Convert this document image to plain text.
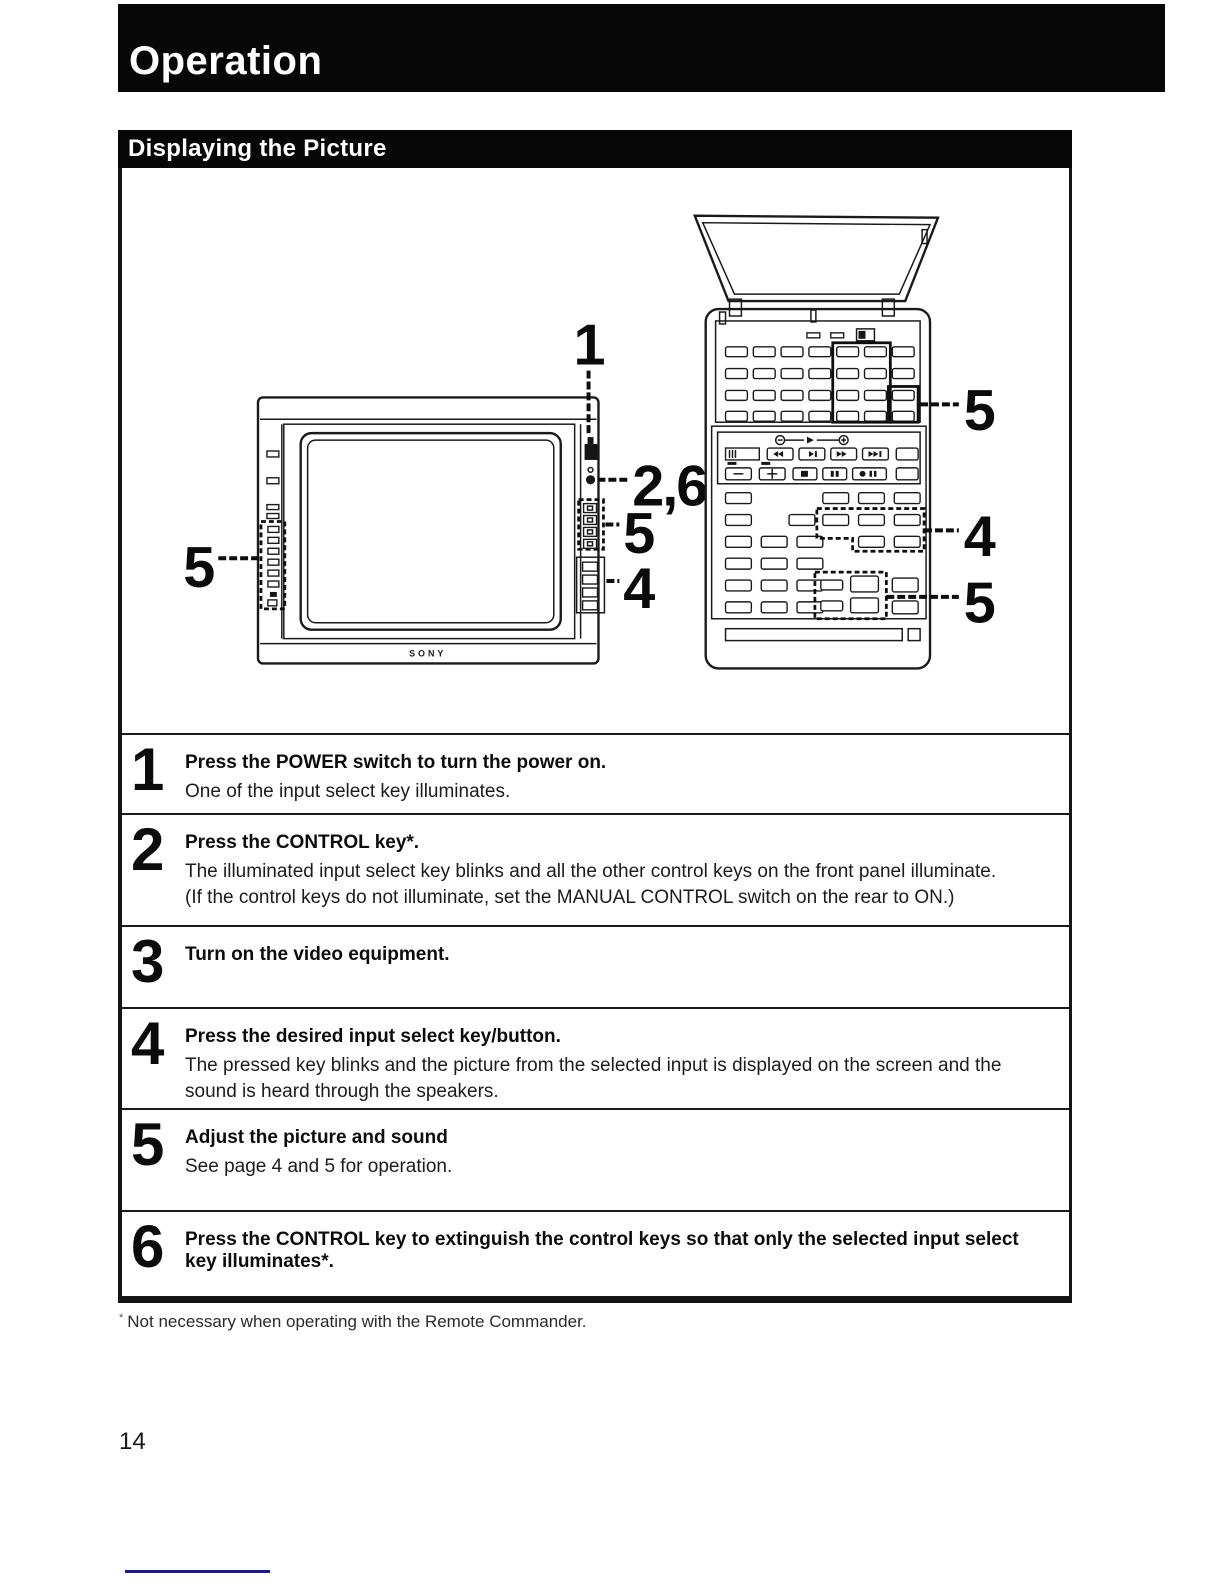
Operation
Displaying the Picture
SONY
1
2,6
5
4
5
5
4
5
1	Press the POWER switch to turn the power on.
One of the input select key illuminates.
2	Press the CONTROL key*.
The illuminated input select key blinks and all the other control keys on the front panel illuminate.
(If the control keys do not illuminate, set the MANUAL CONTROL switch on the rear to ON.)
3	Turn on the video equipment.
4	Press the desired input select key/button.
The pressed key blinks and the picture from the selected input is displayed on the screen and the sound is heard through the speakers.
5	Adjust the picture and sound
See page 4 and 5 for operation.
6	Press the CONTROL key to extinguish the control keys so that only the selected input select key illuminates*.
* Not necessary when operating with the Remote Commander.
14
